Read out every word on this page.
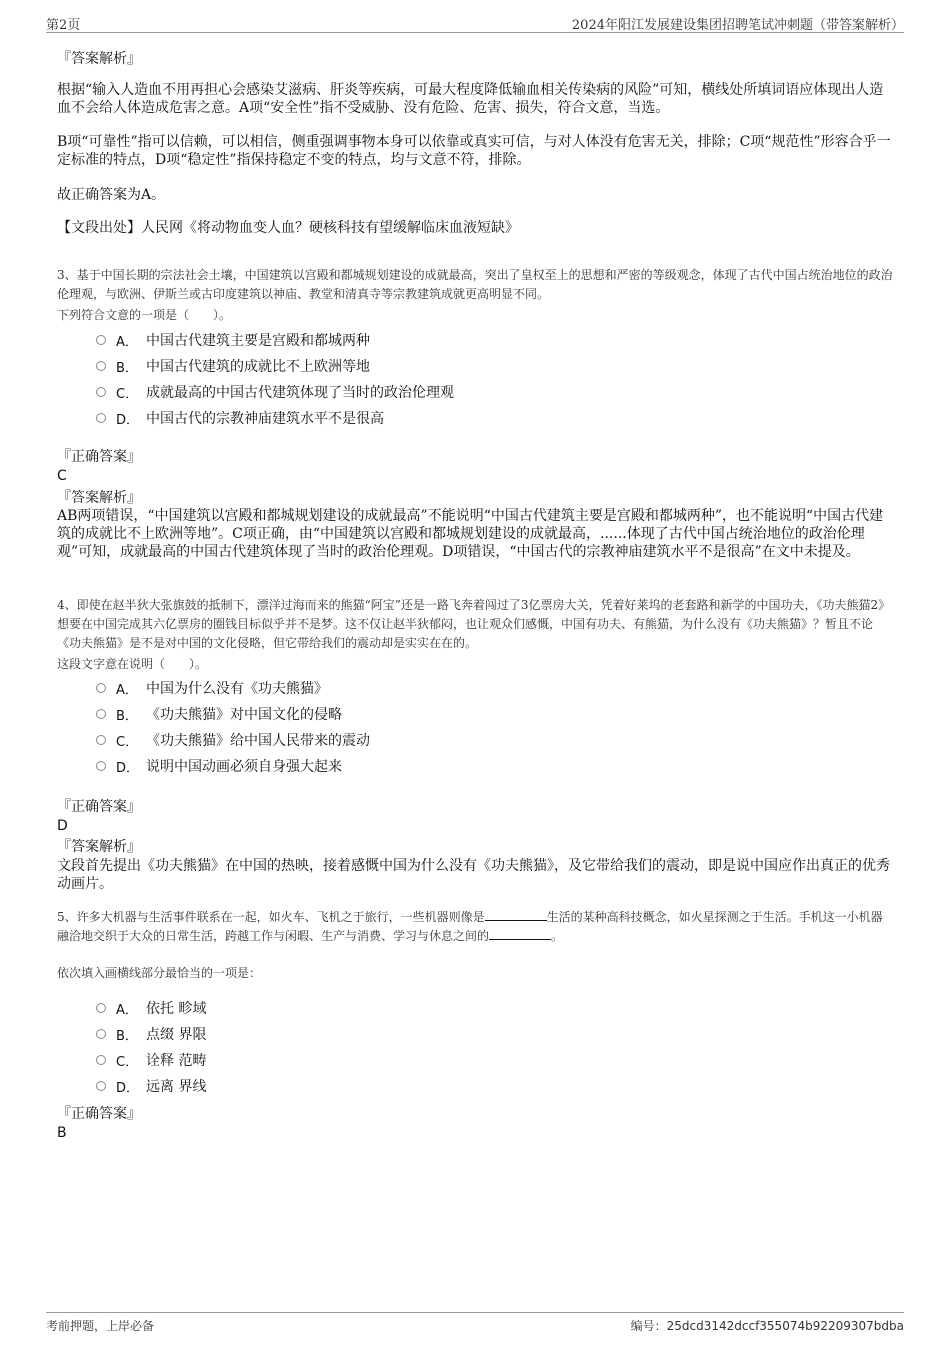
第2页	2024年阳江发展建设集团招聘笔试冲刺题（带答案解析）

『答案解析』

根据“输入人造血不用再担心会感染艾滋病、肝炎等疾病，可最大程度降低输血相关传染病的风险”可知，横线处所填词语应体现出人造血不会给人体造成危害之意。A项“安全性”指不受威胁、没有危险、危害、损失，符合文意，当选。

B项“可靠性”指可以信赖，可以相信，侧重强调事物本身可以依靠或真实可信，与对人体没有危害无关，排除；C项“规范性”形容合乎一定标准的特点，D项“稳定性”指保持稳定不变的特点，均与文意不符，排除。

故正确答案为A。

【文段出处】人民网《将动物血变人血？硬核科技有望缓解临床血液短缺》

3、基于中国长期的宗法社会土壤，中国建筑以宫殿和都城规划建设的成就最高，突出了皇权至上的思想和严密的等级观念，体现了古代中国占统治地位的政治伦理观，与欧洲、伊斯兰或古印度建筑以神庙、教堂和清真寺等宗教建筑成就更高明显不同。

下列符合文意的一项是（　　）。

A． 中国古代建筑主要是宫殿和都城两种
B． 中国古代建筑的成就比不上欧洲等地
C． 成就最高的中国古代建筑体现了当时的政治伦理观
D． 中国古代的宗教神庙建筑水平不是很高

『正确答案』

C

『答案解析』

AB两项错误，“中国建筑以宫殿和都城规划建设的成就最高”不能说明“中国古代建筑主要是宫殿和都城两种”，也不能说明“中国古代建筑的成就比不上欧洲等地”。C项正确，由“中国建筑以宫殿和都城规划建设的成就最高，......体现了古代中国占统治地位的政治伦理观”可知，成就最高的中国古代建筑体现了当时的政治伦理观。D项错误，“中国古代的宗教神庙建筑水平不是很高”在文中未提及。

4、即使在赵半狄大张旗鼓的抵制下，漂洋过海而来的熊猫“阿宝”还是一路飞奔着闯过了3亿票房大关，凭着好莱坞的老套路和新学的中国功夫，《功夫熊猫2》想要在中国完成其六亿票房的圈钱目标似乎并不是梦。这不仅让赵半狄郁闷，也让观众们感慨，中国有功夫、有熊猫，为什么没有《功夫熊猫》？暂且不论《功夫熊猫》是不是对中国的文化侵略，但它带给我们的震动却是实实在在的。

这段文字意在说明（　　）。

A． 中国为什么没有《功夫熊猫》
B． 《功夫熊猫》对中国文化的侵略
C． 《功夫熊猫》给中国人民带来的震动
D． 说明中国动画必须自身强大起来

『正确答案』

D

『答案解析』

文段首先提出《功夫熊猫》在中国的热映，接着感慨中国为什么没有《功夫熊猫》，及它带给我们的震动，即是说中国应作出真正的优秀动画片。

5、许多大机器与生活事件联系在一起，如火车、飞机之于旅行，一些机器则像是	生活的某种高科技概念，如火星探测之于生活。手机这一小机器融洽地交织于大众的日常生活，跨越工作与闲暇、生产与消费、学习与休息之间的	。

依次填入画横线部分最恰当的一项是：

A． 依托 畛域
B． 点缀 界限
C． 诠释 范畴
D． 远离 界线

『正确答案』

B

考前押题，上岸必备	编号：25dcd3142dccf355074b92209307bdba
